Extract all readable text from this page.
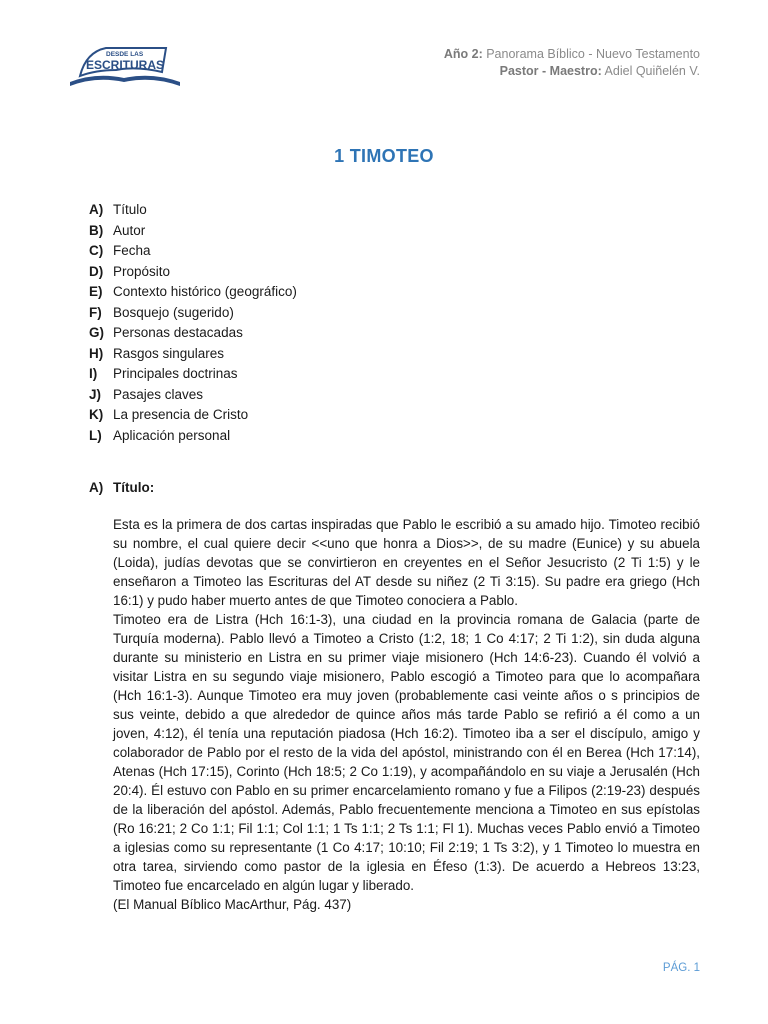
DESDE LAS
ESCRITURAS
Año 2: Panorama Bíblico - Nuevo Testamento
Pastor - Maestro: Adiel Quiñelén V.
1 TIMOTEO
A) Título
B) Autor
C) Fecha
D) Propósito
E) Contexto histórico (geográfico)
F) Bosquejo (sugerido)
G) Personas destacadas
H) Rasgos singulares
I) Principales doctrinas
J) Pasajes claves
K) La presencia de Cristo
L) Aplicación personal
A) Título:

Esta es la primera de dos cartas inspiradas que Pablo le escribió a su amado hijo. Timoteo recibió su nombre, el cual quiere decir <<uno que honra a Dios>>, de su madre (Eunice) y su abuela (Loida), judías devotas que se convirtieron en creyentes en el Señor Jesucristo (2 Ti 1:5) y le enseñaron a Timoteo las Escrituras del AT desde su niñez (2 Ti 3:15). Su padre era griego (Hch 16:1) y pudo haber muerto antes de que Timoteo conociera a Pablo.

Timoteo era de Listra (Hch 16:1-3), una ciudad en la provincia romana de Galacia (parte de Turquía moderna). Pablo llevó a Timoteo a Cristo (1:2, 18; 1 Co 4:17; 2 Ti 1:2), sin duda alguna durante su ministerio en Listra en su primer viaje misionero (Hch 14:6-23). Cuando él volvió a visitar Listra en su segundo viaje misionero, Pablo escogió a Timoteo para que lo acompañara (Hch 16:1-3). Aunque Timoteo era muy joven (probablemente casi veinte años o s principios de sus veinte, debido a que alrededor de quince años más tarde Pablo se refirió a él como a un joven, 4:12), él tenía una reputación piadosa (Hch 16:2). Timoteo iba a ser el discípulo, amigo y colaborador de Pablo por el resto de la vida del apóstol, ministrando con él en Berea (Hch 17:14), Atenas (Hch 17:15), Corinto (Hch 18:5; 2 Co 1:19), y acompañándolo en su viaje a Jerusalén (Hch 20:4). Él estuvo con Pablo en su primer encarcelamiento romano y fue a Filipos (2:19-23) después de la liberación del apóstol. Además, Pablo frecuentemente menciona a Timoteo en sus epístolas (Ro 16:21; 2 Co 1:1; Fil 1:1; Col 1:1; 1 Ts 1:1; 2 Ts 1:1; Fl 1). Muchas veces Pablo envió a Timoteo a iglesias como su representante (1 Co 4:17; 10:10; Fil 2:19; 1 Ts 3:2), y 1 Timoteo lo muestra en otra tarea, sirviendo como pastor de la iglesia en Éfeso (1:3). De acuerdo a Hebreos 13:23, Timoteo fue encarcelado en algún lugar y liberado.

(El Manual Bíblico MacArthur, Pág. 437)

PÁG. 1
